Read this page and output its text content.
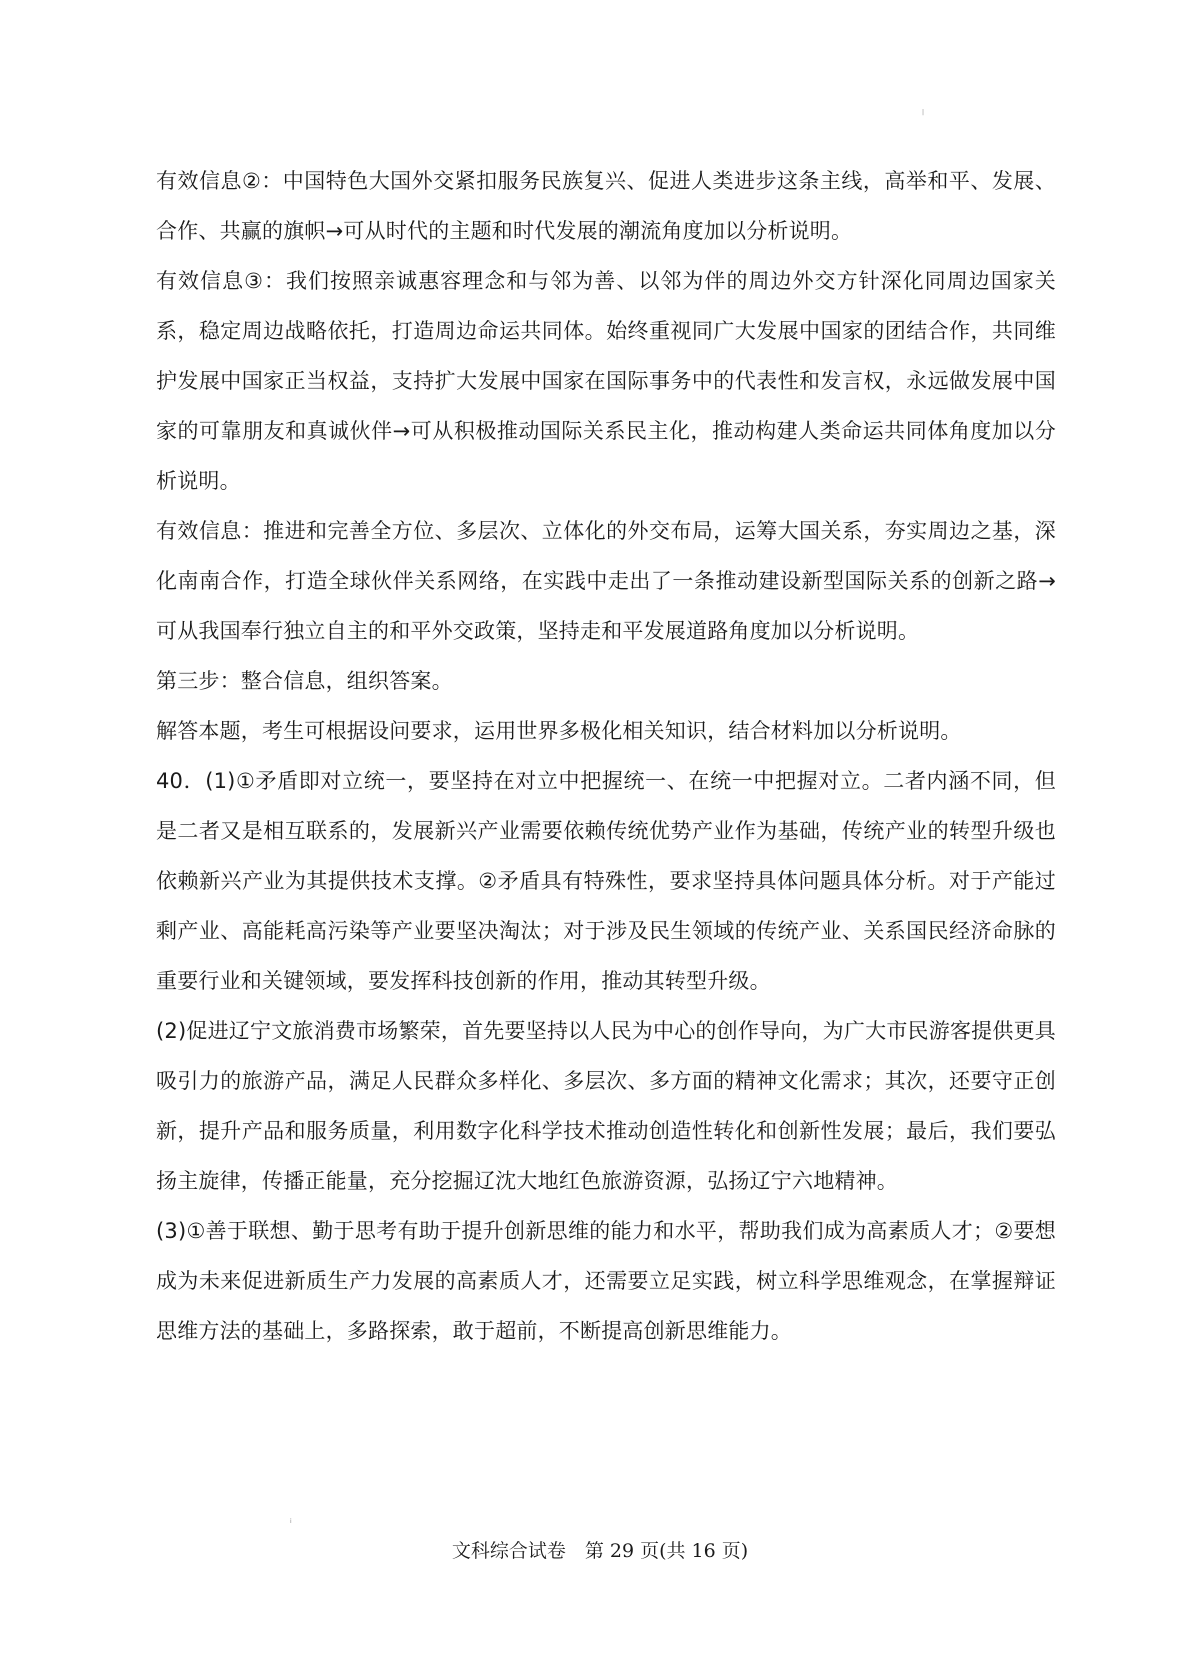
|

有效信息②：中国特色大国外交紧扣服务民族复兴、促进人类进步这条主线，高举和平、发展、合作、共赢的旗帜→可从时代的主题和时代发展的潮流角度加以分析说明。

有效信息③：我们按照亲诚惠容理念和与邻为善、以邻为伴的周边外交方针深化同周边国家关系，稳定周边战略依托，打造周边命运共同体。始终重视同广大发展中国家的团结合作，共同维护发展中国家正当权益，支持扩大发展中国家在国际事务中的代表性和发言权，永远做发展中国家的可靠朋友和真诚伙伴→可从积极推动国际关系民主化，推动构建人类命运共同体角度加以分析说明。

有效信息：推进和完善全方位、多层次、立体化的外交布局，运筹大国关系，夯实周边之基，深化南南合作，打造全球伙伴关系网络，在实践中走出了一条推动建设新型国际关系的创新之路→可从我国奉行独立自主的和平外交政策，坚持走和平发展道路角度加以分析说明。

第三步：整合信息，组织答案。

解答本题，考生可根据设问要求，运用世界多极化相关知识，结合材料加以分析说明。

40．(1)①矛盾即对立统一，要坚持在对立中把握统一、在统一中把握对立。二者内涵不同，但是二者又是相互联系的，发展新兴产业需要依赖传统优势产业作为基础，传统产业的转型升级也依赖新兴产业为其提供技术支撑。②矛盾具有特殊性，要求坚持具体问题具体分析。对于产能过剩产业、高能耗高污染等产业要坚决淘汰；对于涉及民生领域的传统产业、关系国民经济命脉的重要行业和关键领域，要发挥科技创新的作用，推动其转型升级。

(2)促进辽宁文旅消费市场繁荣，首先要坚持以人民为中心的创作导向，为广大市民游客提供更具吸引力的旅游产品，满足人民群众多样化、多层次、多方面的精神文化需求；其次，还要守正创新，提升产品和服务质量，利用数字化科学技术推动创造性转化和创新性发展；最后，我们要弘扬主旋律，传播正能量，充分挖掘辽沈大地红色旅游资源，弘扬辽宁六地精神。

(3)①善于联想、勤于思考有助于提升创新思维的能力和水平，帮助我们成为高素质人才；②要想成为未来促进新质生产力发展的高素质人才，还需要立足实践，树立科学思维观念，在掌握辩证思维方法的基础上，多路探索，敢于超前，不断提高创新思维能力。

i
文科综合试卷　第 29 页(共 16 页)
